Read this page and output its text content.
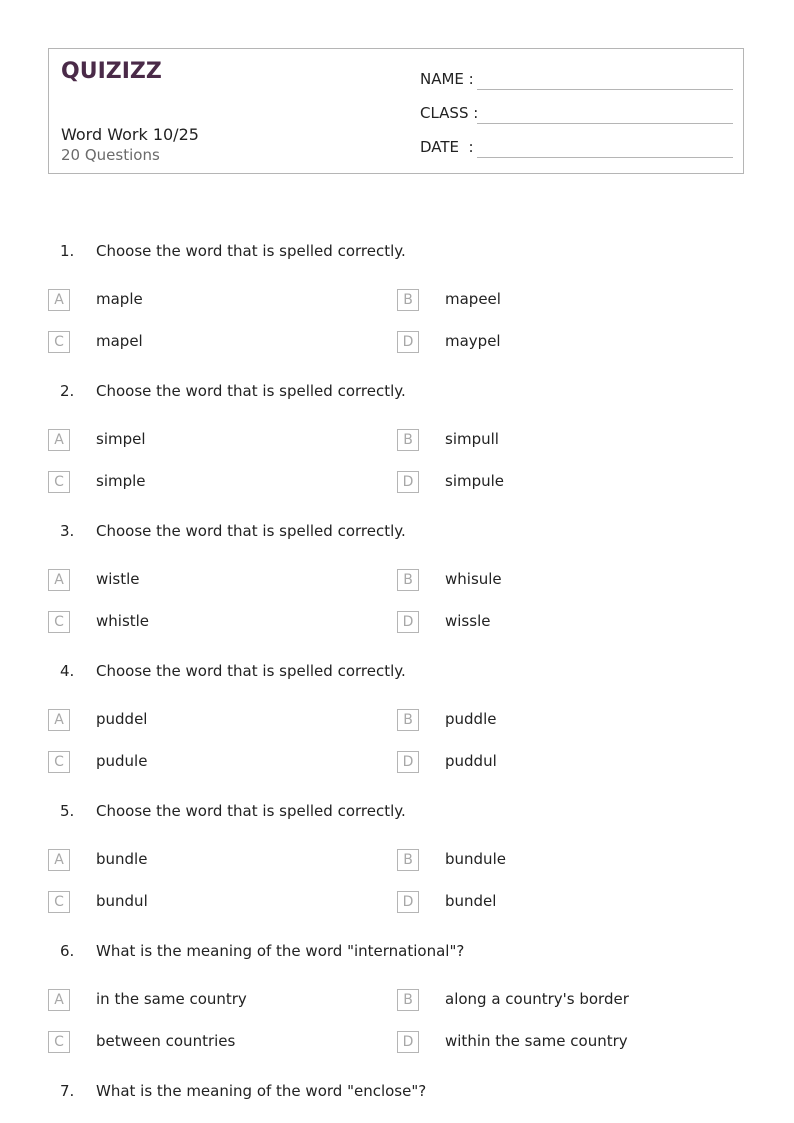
QUIZIZZ
Word Work 10/25
20 Questions
NAME :
CLASS :
DATE  :
1. Choose the word that is spelled correctly.
A	maple	B	mapeel
C	mapel	D	maypel
2. Choose the word that is spelled correctly.
A	simpel	B	simpull
C	simple	D	simpule
3. Choose the word that is spelled correctly.
A	wistle	B	whisule
C	whistle	D	wissle
4. Choose the word that is spelled correctly.
A	puddel	B	puddle
C	pudule	D	puddul
5. Choose the word that is spelled correctly.
A	bundle	B	bundule
C	bundul	D	bundel
6. What is the meaning of the word "international"?
A	in the same country	B	along a country's border
C	between countries	D	within the same country
7. What is the meaning of the word "enclose"?
